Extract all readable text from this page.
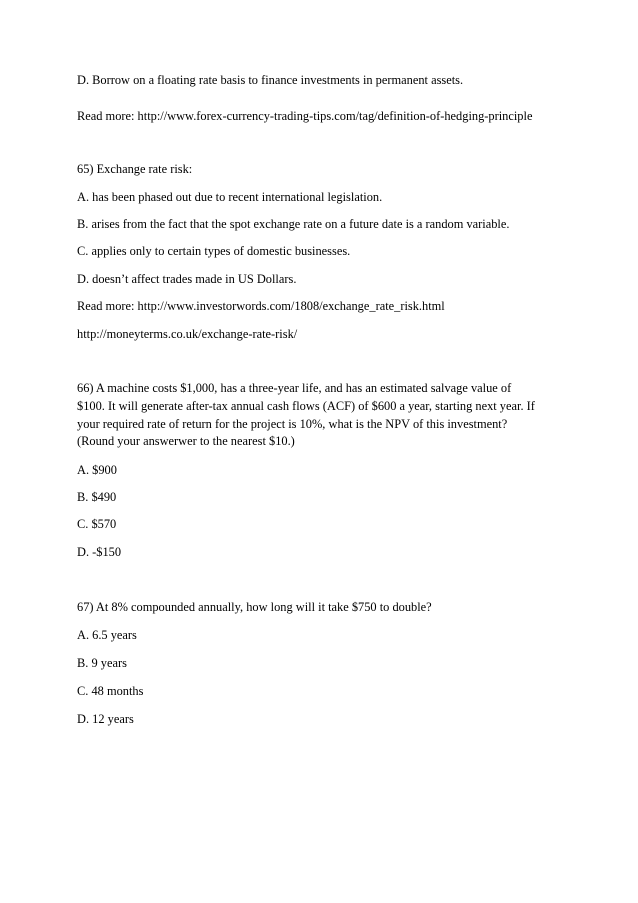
D. Borrow on a floating rate basis to finance investments in permanent assets.
Read more: http://www.forex-currency-trading-tips.com/tag/definition-of-hedging-principle
65) Exchange rate risk:
A. has been phased out due to recent international legislation.
B. arises from the fact that the spot exchange rate on a future date is a random variable.
C. applies only to certain types of domestic businesses.
D. doesn’t affect trades made in US Dollars.
Read more: http://www.investorwords.com/1808/exchange_rate_risk.html
http://moneyterms.co.uk/exchange-rate-risk/
66) A machine costs $1,000, has a three-year life, and has an estimated salvage value of
$100. It will generate after-tax annual cash flows (ACF) of $600 a year, starting next year. If
your required rate of return for the project is 10%, what is the NPV of this investment?
(Round your answerwer to the nearest $10.)
A. $900
B. $490
C. $570
D. -$150
67) At 8% compounded annually, how long will it take $750 to double?
A. 6.5 years
B. 9 years
C. 48 months
D. 12 years
